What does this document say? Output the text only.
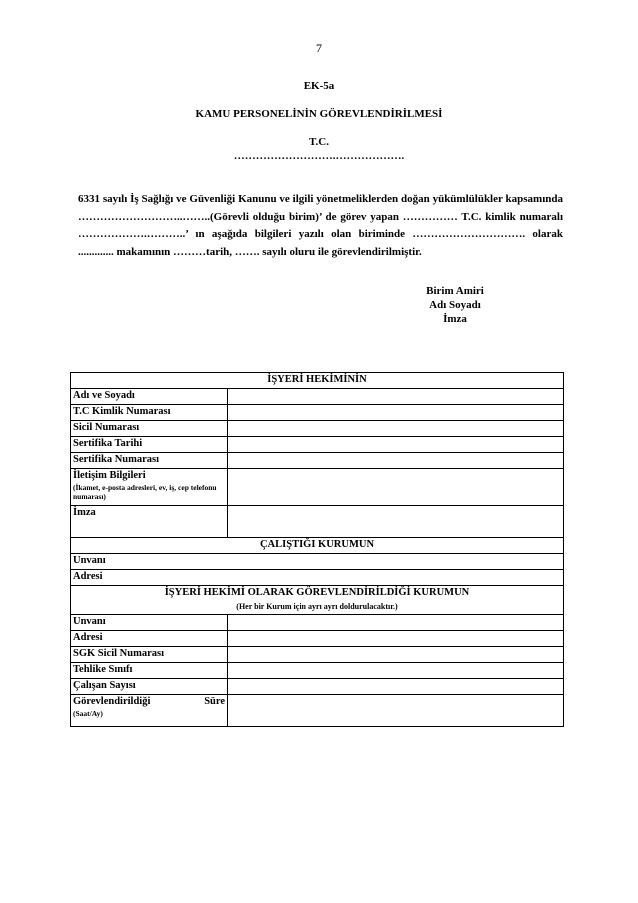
7
EK-5a
KAMU PERSONELİNİN GÖREVLENDİRİLMESİ
T.C.
……………………….……………….
6331 sayılı İş Sağlığı ve Güvenliği Kanunu ve ilgili yönetmeliklerden doğan yükümlülükler kapsamında ………………………..……..(Görevli olduğu birim)’ de görev yapan …………… T.C. kimlik numaralı ……………….………..’ ın aşağıda bilgileri yazılı olan biriminde …………………………. olarak ............. makamının ………tarih, ……. sayılı oluru ile görevlendirilmiştir.
Birim Amiri
Adı Soyadı
İmza
İŞYERİ HEKİMİNİN	
Adı ve Soyadı	
T.C Kimlik Numarası	
Sicil Numarası	
Sertifika Tarihi	
Sertifika Numarası	
İletişim Bilgileri
(İkamet, e-posta adresleri, ev, iş, cep telefonu numarası)	

İmza	
ÇALIŞTIĞI KURUMUN	
Unvanı	
Adresi	
İŞYERİ HEKİMİ OLARAK GÖREVLENDİRİLDİĞİ KURUMUN
(Her bir Kurum için ayrı ayrı doldurulacaktır.)	

Unvanı	
Adresi	
SGK Sicil Numarası	
Tehlike Sınıfı	
Çalışan Sayısı	

Görevlendirildiği Süre
(Saat/Ay)	
